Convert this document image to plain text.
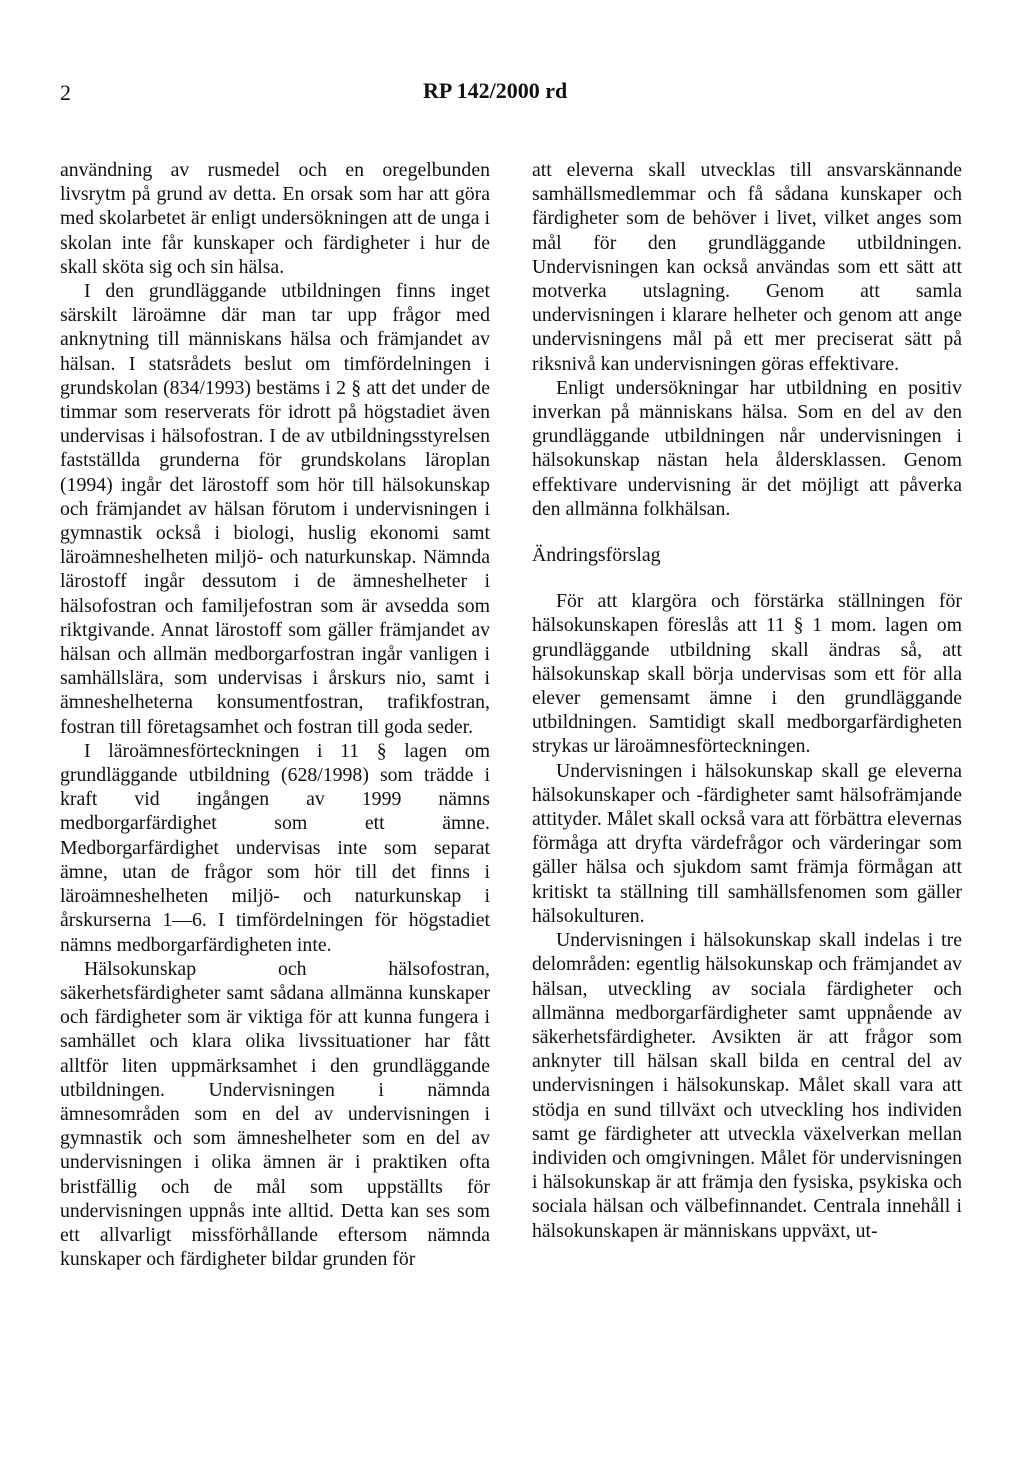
2	RP 142/2000 rd

användning av rusmedel och en oregelbunden livsrytm på grund av detta. En orsak som har att göra med skolarbetet är enligt undersökningen att de unga i skolan inte får kunskaper och färdigheter i hur de skall sköta sig och sin hälsa.

I den grundläggande utbildningen finns inget särskilt läroämne där man tar upp frågor med anknytning till människans hälsa och främjandet av hälsan. I statsrådets beslut om timfördelningen i grundskolan (834/1993) bestäms i 2 § att det under de timmar som reserverats för idrott på högstadiet även undervisas i hälsofostran. I de av utbildningsstyrelsen fastställda grunderna för grundskolans läroplan (1994) ingår det lärostoff som hör till hälsokunskap och främjandet av hälsan förutom i undervisningen i gymnastik också i biologi, huslig ekonomi samt läroämneshelheten miljö- och naturkunskap. Nämnda lärostoff ingår dessutom i de ämneshelheter i hälsofostran och familjefostran som är avsedda som riktgivande. Annat lärostoff som gäller främjandet av hälsan och allmän medborgarfostran ingår vanligen i samhällslära, som undervisas i årskurs nio, samt i ämneshelheterna konsumentfostran, trafikfostran, fostran till företagsamhet och fostran till goda seder.

I läroämnesförteckningen i 11 § lagen om grundläggande utbildning (628/1998) som trädde i kraft vid ingången av 1999 nämns medborgarfärdighet som ett ämne. Medborgarfärdighet undervisas inte som separat ämne, utan de frågor som hör till det finns i läroämneshelheten miljö- och naturkunskap i årskurserna 1—6. I timfördelningen för högstadiet nämns medborgarfärdigheten inte.

Hälsokunskap och hälsofostran, säkerhetsfärdigheter samt sådana allmänna kunskaper och färdigheter som är viktiga för att kunna fungera i samhället och klara olika livssituationer har fått alltför liten uppmärksamhet i den grundläggande utbildningen. Undervisningen i nämnda ämnesområden som en del av undervisningen i gymnastik och som ämneshelheter som en del av undervisningen i olika ämnen är i praktiken ofta bristfällig och de mål som uppställts för undervisningen uppnås inte alltid. Detta kan ses som ett allvarligt missförhållande eftersom nämnda kunskaper och färdigheter bildar grunden för

att eleverna skall utvecklas till ansvarskännande samhällsmedlemmar och få sådana kunskaper och färdigheter som de behöver i livet, vilket anges som mål för den grundläggande utbildningen. Undervisningen kan också användas som ett sätt att motverka utslagning. Genom att samla undervisningen i klarare helheter och genom att ange undervisningens mål på ett mer preciserat sätt på riksnivå kan undervisningen göras effektivare.

Enligt undersökningar har utbildning en positiv inverkan på människans hälsa. Som en del av den grundläggande utbildningen når undervisningen i hälsokunskap nästan hela åldersklassen. Genom effektivare undervisning är det möjligt att påverka den allmänna folkhälsan.

Ändringsförslag

För att klargöra och förstärka ställningen för hälsokunskapen föreslås att 11 § 1 mom. lagen om grundläggande utbildning skall ändras så, att hälsokunskap skall börja undervisas som ett för alla elever gemensamt ämne i den grundläggande utbildningen. Samtidigt skall medborgarfärdigheten strykas ur läroämnesförteckningen.

Undervisningen i hälsokunskap skall ge eleverna hälsokunskaper och -färdigheter samt hälsofrämjande attityder. Målet skall också vara att förbättra elevernas förmåga att dryfta värdefrågor och värderingar som gäller hälsa och sjukdom samt främja förmågan att kritiskt ta ställning till samhällsfenomen som gäller hälsokulturen.

Undervisningen i hälsokunskap skall indelas i tre delområden: egentlig hälsokunskap och främjandet av hälsan, utveckling av sociala färdigheter och allmänna medborgarfärdigheter samt uppnående av säkerhetsfärdigheter. Avsikten är att frågor som anknyter till hälsan skall bilda en central del av undervisningen i hälsokunskap. Målet skall vara att stödja en sund tillväxt och utveckling hos individen samt ge färdigheter att utveckla växelverkan mellan individen och omgivningen. Målet för undervisningen i hälsokunskap är att främja den fysiska, psykiska och sociala hälsan och välbefinnandet. Centrala innehåll i hälsokunskapen är människans uppväxt, ut-
